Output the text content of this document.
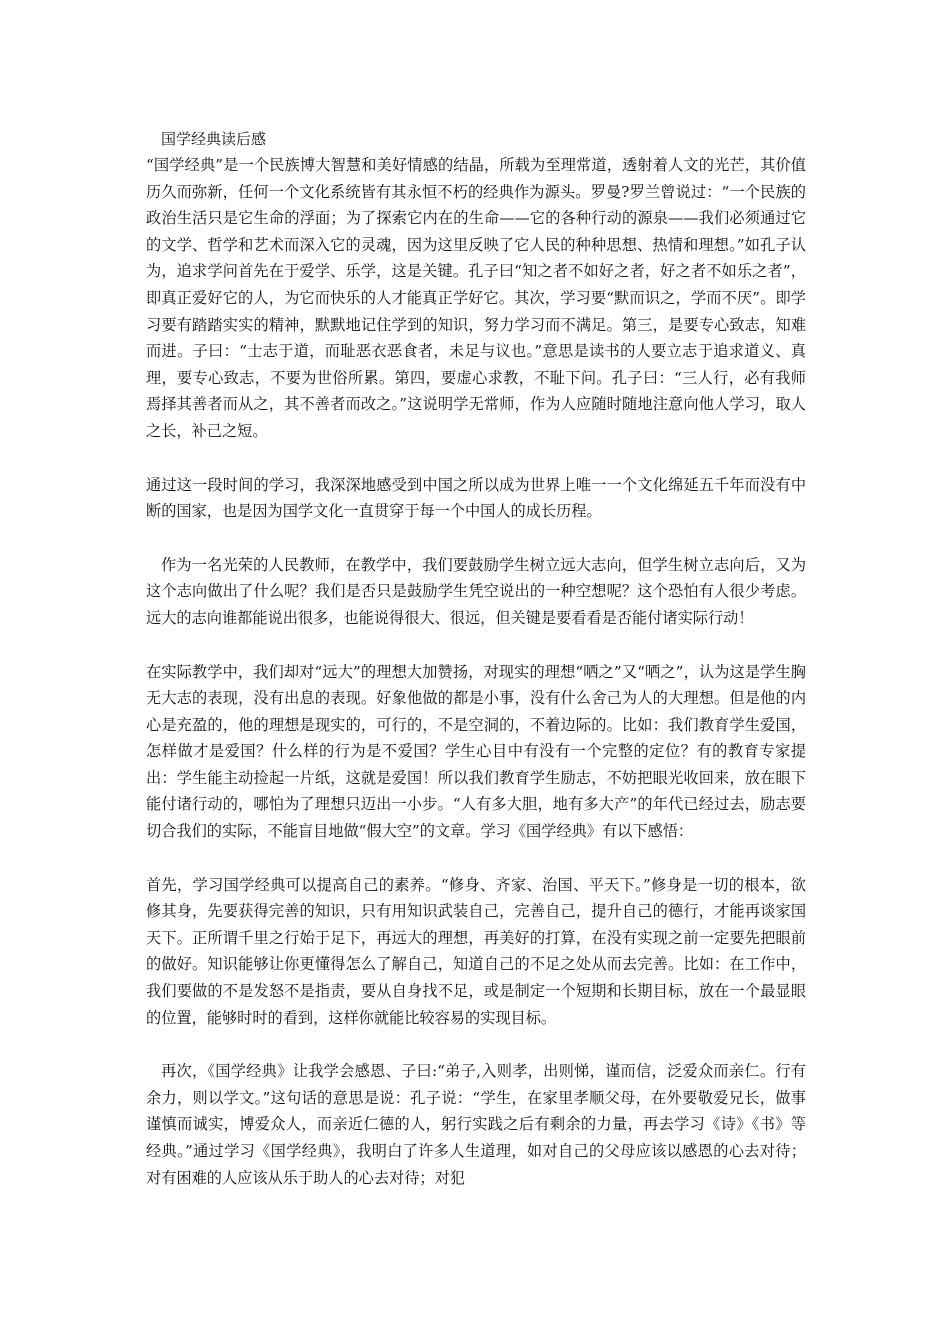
国学经典读后感

“国学经典”是一个民族博大智慧和美好情感的结晶，所载为至理常道，透射着人文的光芒，其价值历久而弥新，任何一个文化系统皆有其永恒不朽的经典作为源头。罗曼?罗兰曾说过：“一个民族的政治生活只是它生命的浮面；为了探索它内在的生命——它的各种行动的源泉——我们必须通过它的文学、哲学和艺术而深入它的灵魂，因为这里反映了它人民的种种思想、热情和理想。”如孔子认为，追求学问首先在于爱学、乐学，这是关键。孔子曰“知之者不如好之者，好之者不如乐之者”，即真正爱好它的人，为它而快乐的人才能真正学好它。其次，学习要“默而识之，学而不厌”。即学习要有踏踏实实的精神，默默地记住学到的知识，努力学习而不满足。第三，是要专心致志，知难而进。子曰：“士志于道，而耻恶衣恶食者，未足与议也。”意思是读书的人要立志于追求道义、真理，要专心致志，不要为世俗所累。第四，要虚心求教，不耻下问。孔子曰：“三人行，必有我师焉择其善者而从之，其不善者而改之。”这说明学无常师，作为人应随时随地注意向他人学习，取人之长，补己之短。

通过这一段时间的学习，我深深地感受到中国之所以成为世界上唯一一个文化绵延五千年而没有中断的国家，也是因为国学文化一直贯穿于每一个中国人的成长历程。

作为一名光荣的人民教师，在教学中，我们要鼓励学生树立远大志向，但学生树立志向后，又为这个志向做出了什么呢？我们是否只是鼓励学生凭空说出的一种空想呢？这个恐怕有人很少考虑。远大的志向谁都能说出很多，也能说得很大、很远，但关键是要看看是否能付诸实际行动！

在实际教学中，我们却对“远大”的理想大加赞扬，对现实的理想“哂之”又“哂之”，认为这是学生胸无大志的表现，没有出息的表现。好象他做的都是小事，没有什么舍己为人的大理想。但是他的内心是充盈的，他的理想是现实的，可行的，不是空洞的，不着边际的。比如：我们教育学生爱国，怎样做才是爱国？什么样的行为是不爱国？学生心目中有没有一个完整的定位？有的教育专家提出：学生能主动捡起一片纸，这就是爱国！所以我们教育学生励志，不妨把眼光收回来，放在眼下能付诸行动的，哪怕为了理想只迈出一小步。“人有多大胆，地有多大产”的年代已经过去，励志要切合我们的实际，不能盲目地做“假大空”的文章。学习《国学经典》有以下感悟：

首先，学习国学经典可以提高自己的素养。“修身、齐家、治国、平天下。”修身是一切的根本，欲修其身，先要获得完善的知识，只有用知识武装自己，完善自己，提升自己的德行，才能再谈家国天下。正所谓千里之行始于足下，再远大的理想，再美好的打算，在没有实现之前一定要先把眼前的做好。知识能够让你更懂得怎么了解自己，知道自己的不足之处从而去完善。比如：在工作中，我们要做的不是发怒不是指责，要从自身找不足，或是制定一个短期和长期目标，放在一个最显眼的位置，能够时时的看到，这样你就能比较容易的实现目标。

再次，《国学经典》让我学会感恩、子曰:“弟子,入则孝，出则悌，谨而信，泛爱众而亲仁。行有余力，则以学文。”这句话的意思是说：孔子说：“学生，在家里孝顺父母，在外要敬爱兄长，做事谨慎而诚实，博爱众人，而亲近仁德的人，躬行实践之后有剩余的力量，再去学习《诗》《书》等经典。”通过学习《国学经典》，我明白了许多人生道理，如对自己的父母应该以感恩的心去对待；对有困难的人应该从乐于助人的心去对待；对犯
